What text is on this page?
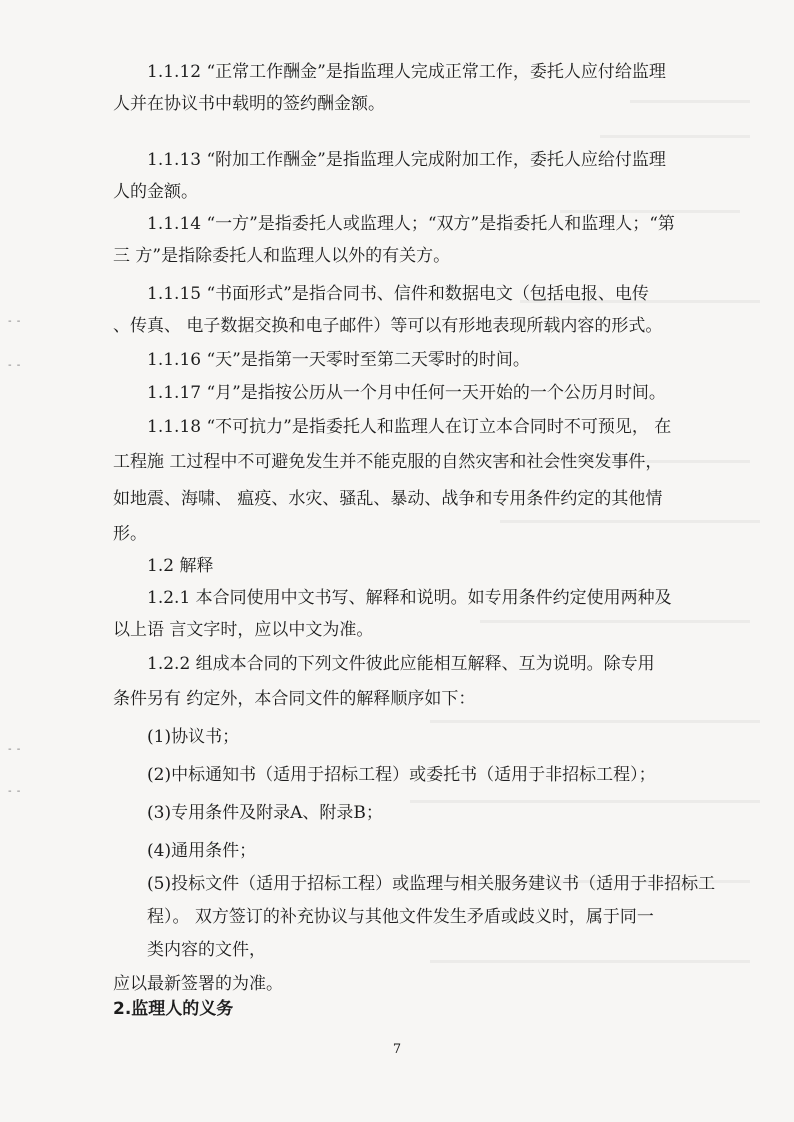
- -
- -
- -
- -
1.1.12 “正常工作酬金”是指监理人完成正常工作，委托人应付给监理
人并在协议书中载明的签约酬金额。
1.1.13 “附加工作酬金”是指监理人完成附加工作，委托人应给付监理
人的金额。
1.1.14 “一方”是指委托人或监理人；“双方”是指委托人和监理人；“第
三 方”是指除委托人和监理人以外的有关方。
1.1.15 “书面形式”是指合同书、信件和数据电文（包括电报、电传
、传真、 电子数据交换和电子邮件）等可以有形地表现所载内容的形式。
1.1.16 “天”是指第一天零时至第二天零时的时间。
1.1.17 “月”是指按公历从一个月中任何一天开始的一个公历月时间。
1.1.18 “不可抗力”是指委托人和监理人在订立本合同时不可预见， 在
工程施 工过程中不可避免发生并不能克服的自然灾害和社会性突发事件，
如地震、海啸、 瘟疫、水灾、骚乱、暴动、战争和专用条件约定的其他情
形。
1.2 解释
1.2.1 本合同使用中文书写、解释和说明。如专用条件约定使用两种及
以上语 言文字时，应以中文为准。
1.2.2 组成本合同的下列文件彼此应能相互解释、互为说明。除专用
条件另有 约定外，本合同文件的解释顺序如下：
(1)协议书；
(2)中标通知书（适用于招标工程）或委托书（适用于非招标工程）；
(3)专用条件及附录A、附录B；
(4)通用条件；
(5)投标文件（适用于招标工程）或监理与相关服务建议书（适用于非招标工
程）。 双方签订的补充协议与其他文件发生矛盾或歧义时，属于同一
类内容的文件，
应以最新签署的为准。
2.监理人的义务
7
